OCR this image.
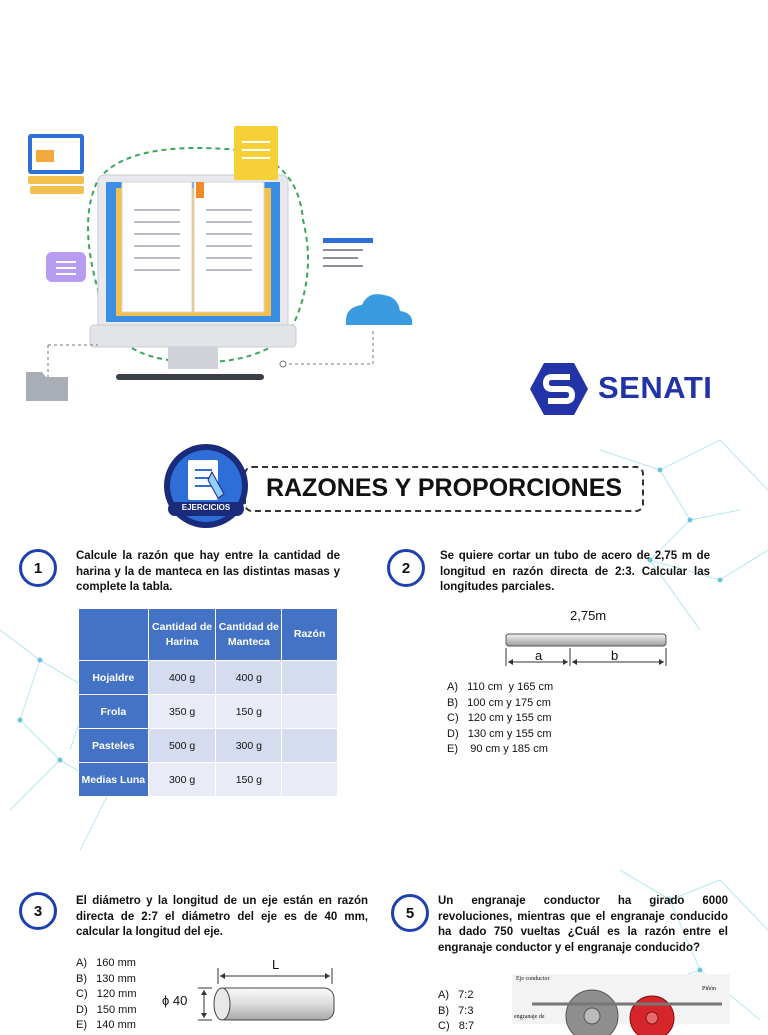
SENATI
RAZONES Y PROPORCIONES
EJERCICIOS
1
Calcule la razón que hay entre la cantidad de harina y la de manteca en las distintas masas y complete la tabla.
	Cantidad de Harina	Cantidad de Manteca	Razón
Hojaldre	400 g	400 g	
Frola	350 g	150 g	
Pasteles	500 g	300 g	
Medias Luna	300 g	150 g	
2
Se quiere cortar un tubo de acero de 2,75 m de longitud en razón directa de 2:3. Calcular las longitudes parciales.
2,75m
a	b
A)   110 cm  y 165 cm
B)   100 cm y 175 cm
C)   120 cm y 155 cm
D)   130 cm y 155 cm
E)    90 cm y 185 cm
3
El diámetro y la longitud de un eje están en razón directa de 2:7 el diámetro del eje es de 40 mm, calcular la longitud del eje.
A)   160 mm
B)   130 mm
C)   120 mm
D)   150 mm
E)   140 mm
L
ϕ 40
5
Un engranaje conductor ha girado 6000 revoluciones, mientras que el engranaje conducido ha dado 750 vueltas ¿Cuál es la razón entre el engranaje conductor y el engranaje conducido?
A)   7:2
B)   7:3
C)   8:7
Eje conductor
Piñón
engranaje de
